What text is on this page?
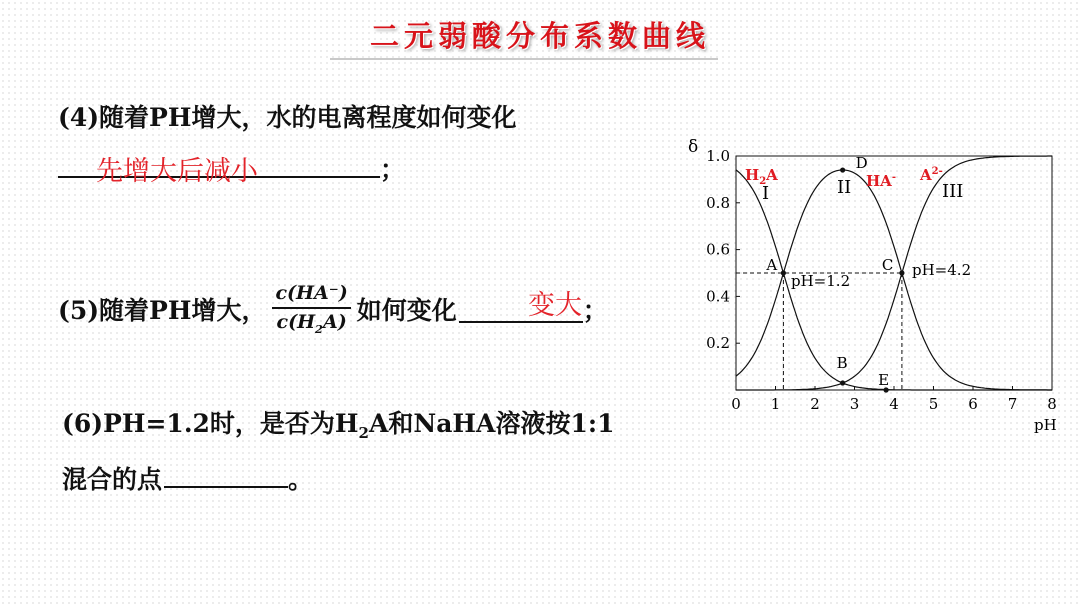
二元弱酸分布系数曲线
(4)随着PH增大，水的电离程度如何变化
；
先增大后减小
(5)随着PH增大， $\frac{c(HA^-)}{c(H_2A)}$ 如何变化	；
变大
(6)PH=1.2时，是否为$H_2A$和NaHA溶液按1:1
混合的点	。
0 1 2 3 4 5 6 7 8
0.2
0.4
0.6
0.8
1.0
A
B
C
D
E
δ
pH
pH=1.2
pH=4.2
I	II	III
$H_2A$	HA- $A^{2-}$
